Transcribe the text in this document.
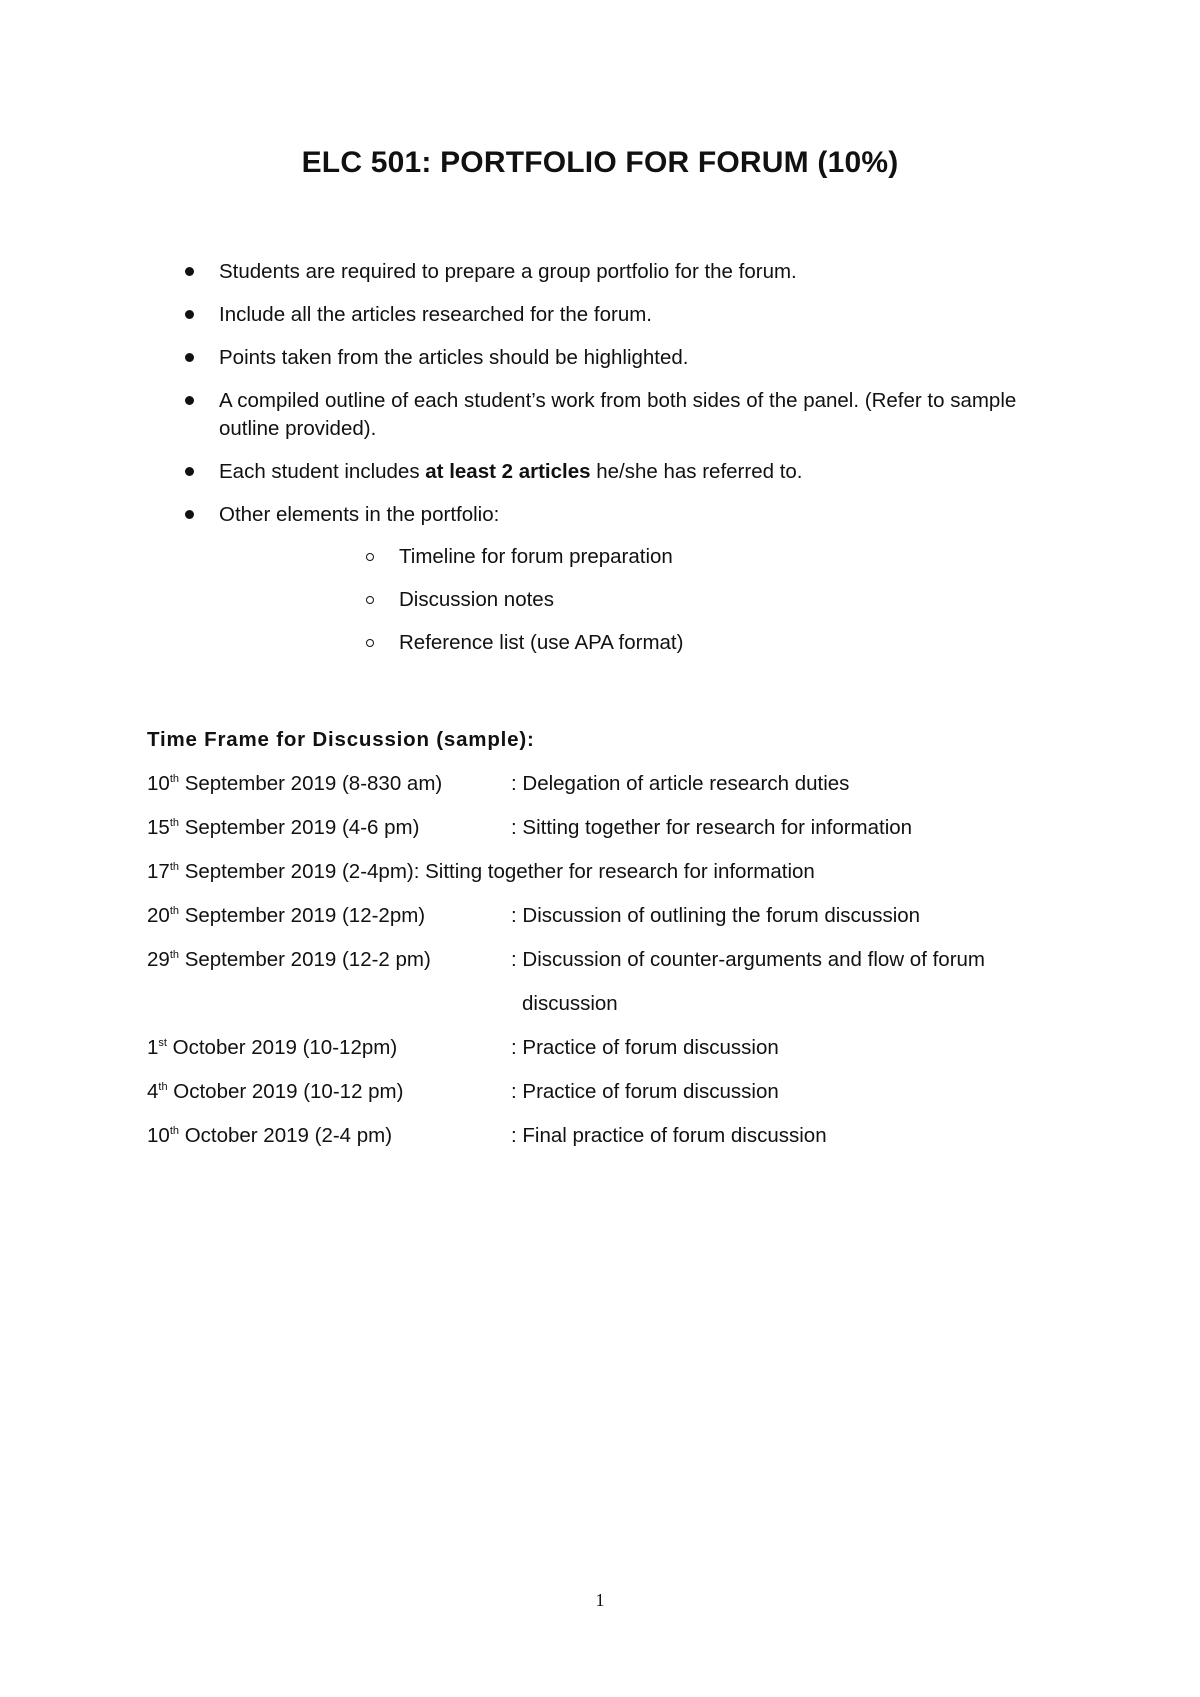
ELC 501: PORTFOLIO FOR FORUM (10%)
Students are required to prepare a group portfolio for the forum.
Include all the articles researched for the forum.
Points taken from the articles should be highlighted.
A compiled outline of each student’s work from both sides of the panel. (Refer to sample outline provided).
Each student includes at least 2 articles he/she has referred to.
Other elements in the portfolio:
Timeline for forum preparation
Discussion notes
Reference list (use APA format)
Time Frame for Discussion (sample):
10th September 2019 (8-830 am)	: Delegation of article research duties
15th September 2019 (4-6 pm)	: Sitting together for research for information
17th September 2019 (2-4pm): Sitting together for research for information
20th September 2019 (12-2pm)	: Discussion of outlining the forum discussion
29th September 2019 (12-2 pm)	: Discussion of counter-arguments and flow of forum
discussion
1st October 2019 (10-12pm)	: Practice of forum discussion
4th October 2019 (10-12 pm)	: Practice of forum discussion
10th October 2019 (2-4 pm)	: Final practice of forum discussion
1
